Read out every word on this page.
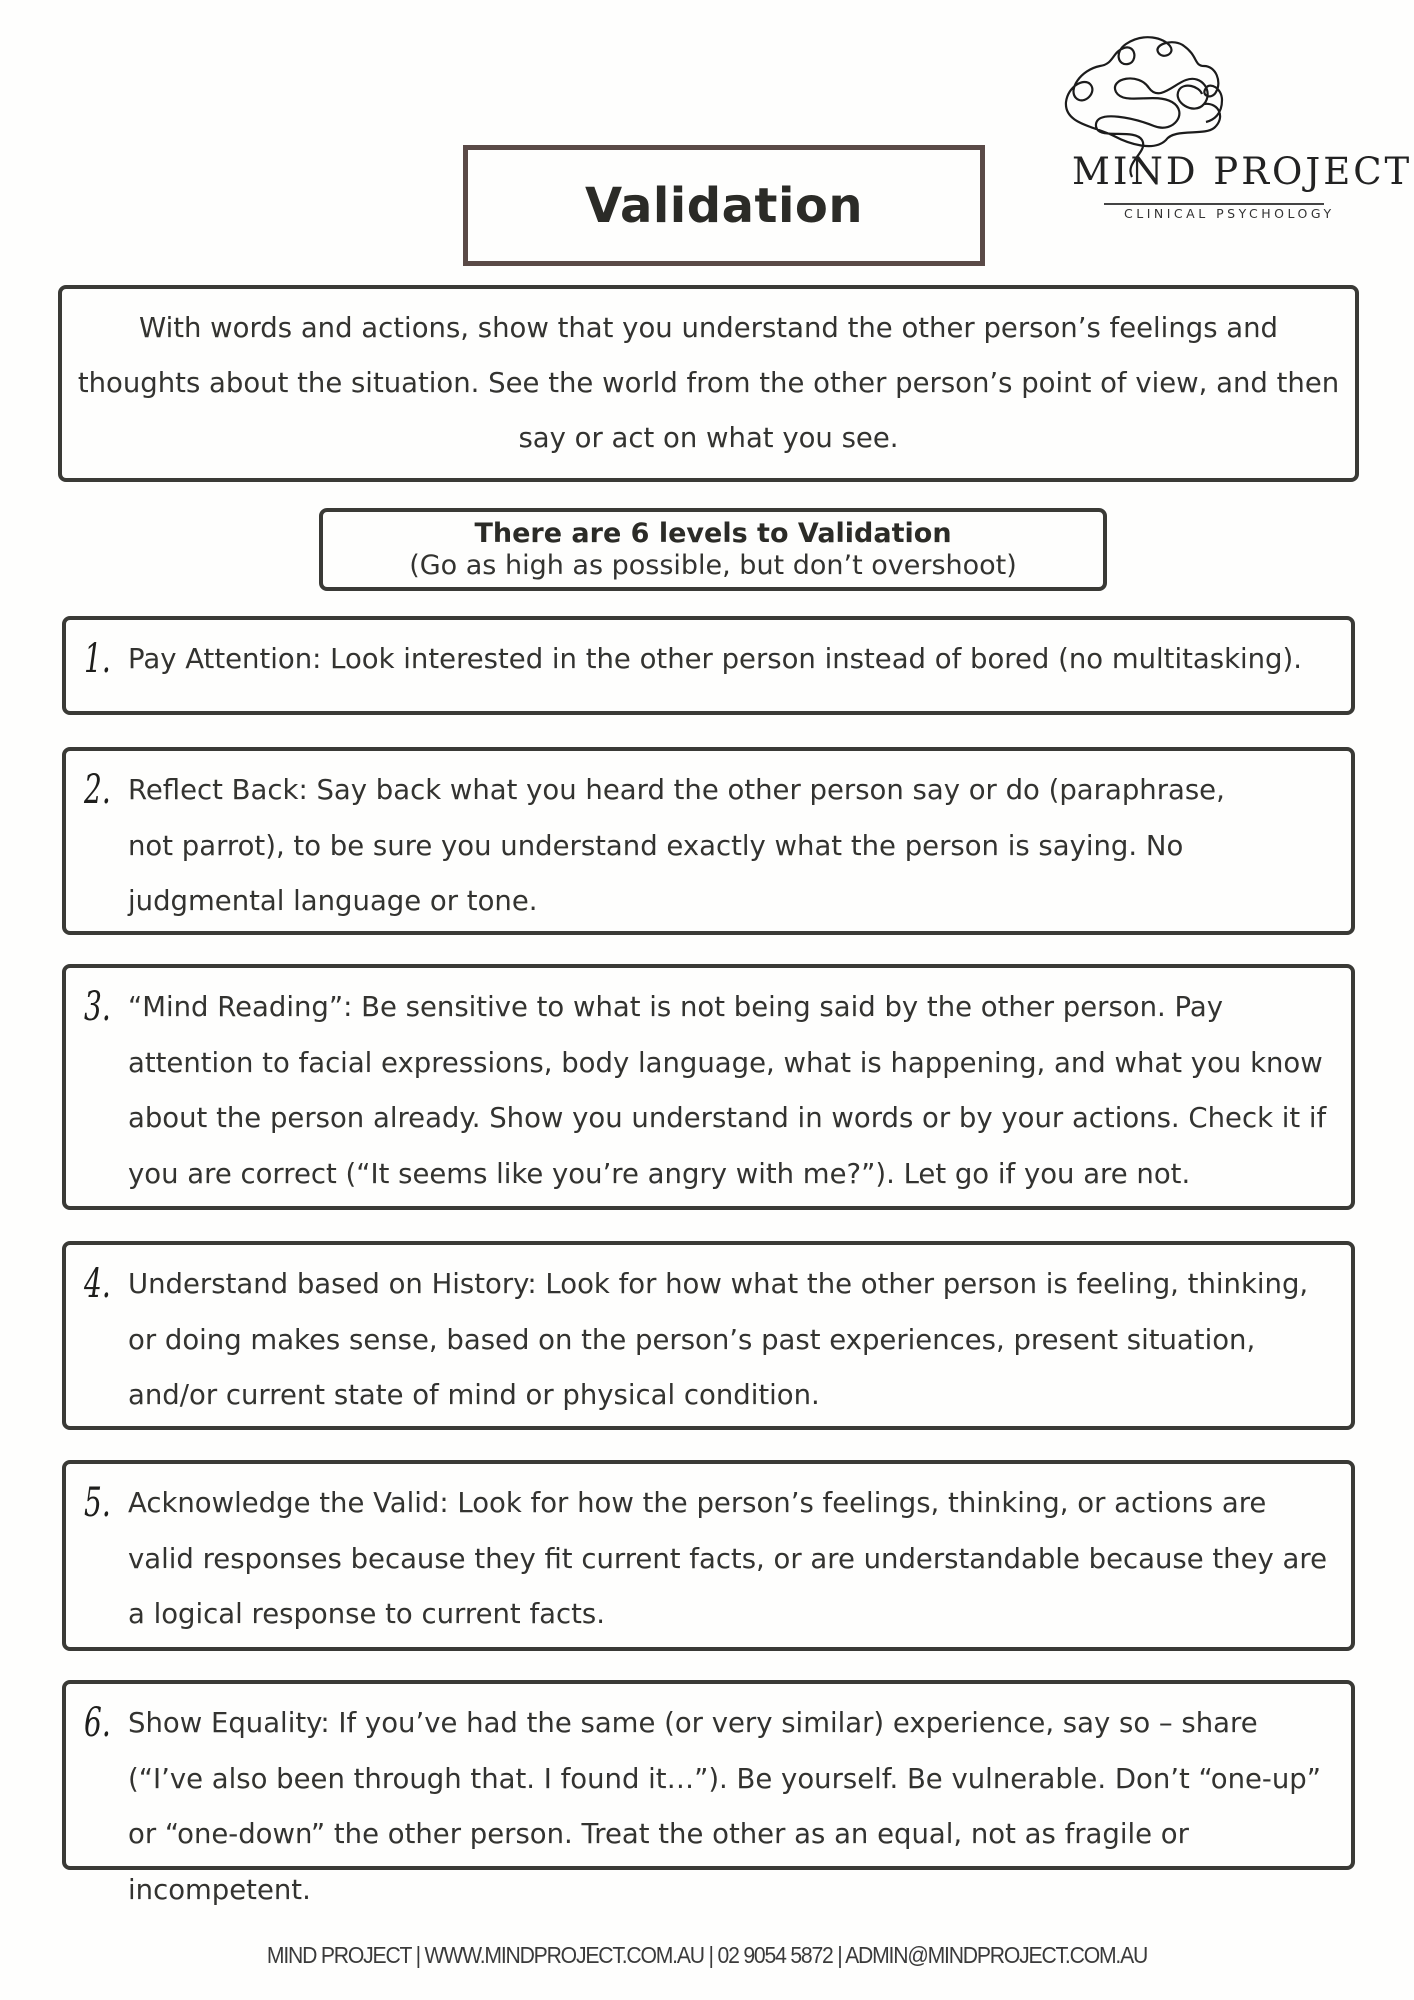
MIND PROJECT
CLINICAL PSYCHOLOGY
Validation
With words and actions, show that you understand the other person’s feelings and thoughts about the situation. See the world from the other person’s point of view, and then say or act on what you see.
There are 6 levels to Validation
(Go as high as possible, but don’t overshoot)
1. Pay Attention: Look interested in the other person instead of bored (no multitasking).
2. Reflect Back: Say back what you heard the other person say or do (paraphrase, not parrot), to be sure you understand exactly what the person is saying. No judgmental language or tone.
3. “Mind Reading”: Be sensitive to what is not being said by the other person. Pay attention to facial expressions, body language, what is happening, and what you know about the person already. Show you understand in words or by your actions. Check it if you are correct (“It seems like you’re angry with me?”). Let go if you are not.
4. Understand based on History: Look for how what the other person is feeling, thinking, or doing makes sense, based on the person’s past experiences, present situation, and/or current state of mind or physical condition.
5. Acknowledge the Valid: Look for how the person’s feelings, thinking, or actions are valid responses because they fit current facts, or are understandable because they are a logical response to current facts.
6. Show Equality: If you’ve had the same (or very similar) experience, say so – share (“I’ve also been through that. I found it…”). Be yourself. Be vulnerable. Don’t “one-up” or “one-down” the other person. Treat the other as an equal, not as fragile or incompetent.
MIND PROJECT | WWW.MINDPROJECT.COM.AU | 02 9054 5872 | ADMIN@MINDPROJECT.COM.AU
